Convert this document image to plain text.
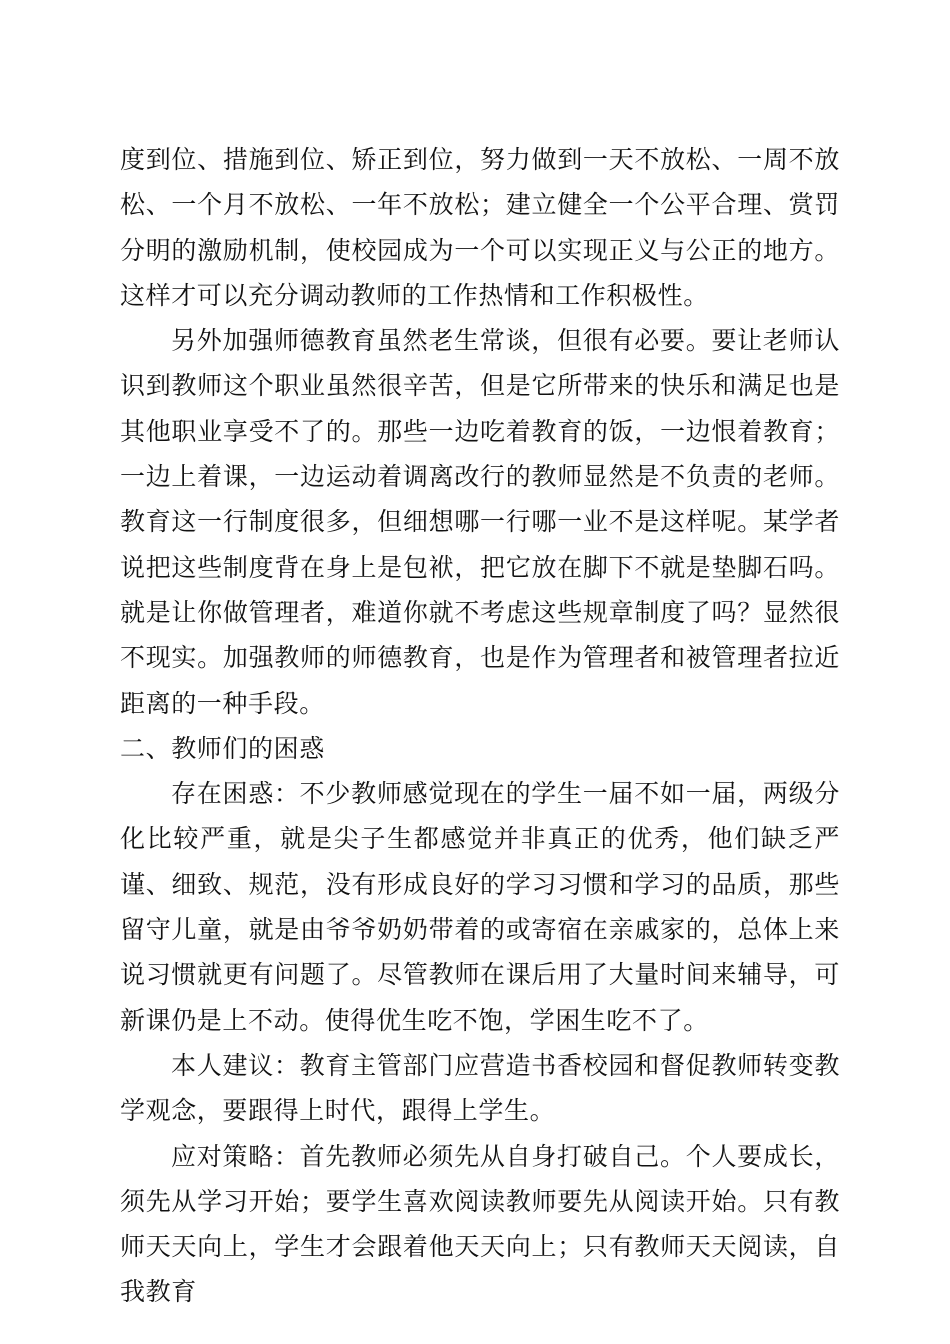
度到位、措施到位、矫正到位，努力做到一天不放松、一周不放松、一个月不放松、一年不放松；建立健全一个公平合理、赏罚分明的激励机制，使校园成为一个可以实现正义与公正的地方。这样才可以充分调动教师的工作热情和工作积极性。

另外加强师德教育虽然老生常谈，但很有必要。要让老师认识到教师这个职业虽然很辛苦，但是它所带来的快乐和满足也是其他职业享受不了的。那些一边吃着教育的饭，一边恨着教育；一边上着课，一边运动着调离改行的教师显然是不负责的老师。教育这一行制度很多，但细想哪一行哪一业不是这样呢。某学者说把这些制度背在身上是包袱，把它放在脚下不就是垫脚石吗。就是让你做管理者，难道你就不考虑这些规章制度了吗？显然很不现实。加强教师的师德教育，也是作为管理者和被管理者拉近距离的一种手段。

二、教师们的困惑

存在困惑：不少教师感觉现在的学生一届不如一届，两级分化比较严重，就是尖子生都感觉并非真正的优秀，他们缺乏严谨、细致、规范，没有形成良好的学习习惯和学习的品质，那些留守儿童，就是由爷爷奶奶带着的或寄宿在亲戚家的，总体上来说习惯就更有问题了。尽管教师在课后用了大量时间来辅导，可新课仍是上不动。使得优生吃不饱，学困生吃不了。

本人建议：教育主管部门应营造书香校园和督促教师转变教学观念，要跟得上时代，跟得上学生。

应对策略：首先教师必须先从自身打破自己。个人要成长，须先从学习开始；要学生喜欢阅读教师要先从阅读开始。只有教师天天向上，学生才会跟着他天天向上；只有教师天天阅读，自我教育
